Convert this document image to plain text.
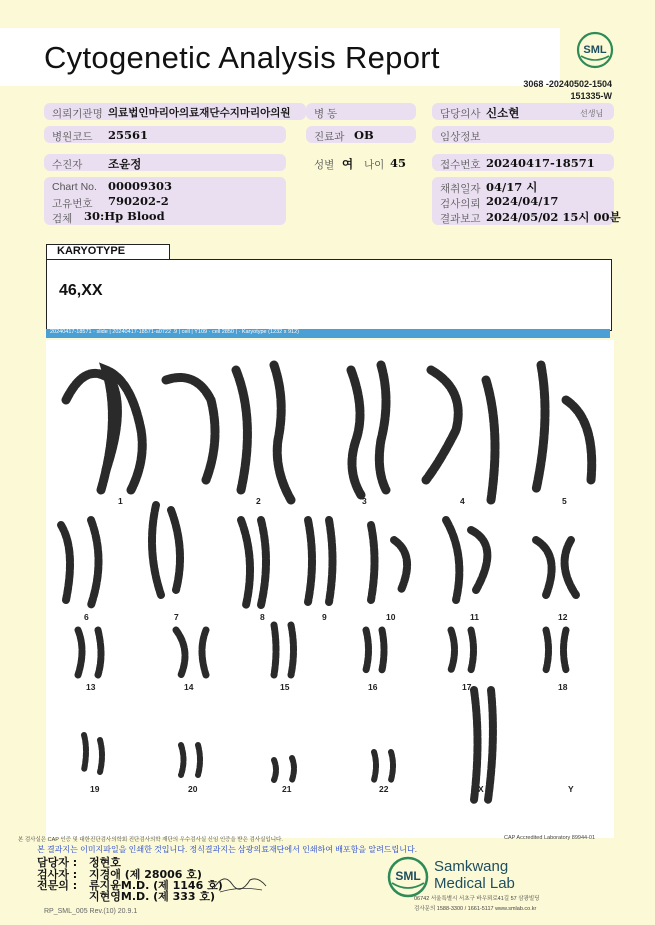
Cytogenetic Analysis Report	SML
3068 -20240502-1504
151335-W
의뢰기관명 의료법인마리아의료재단수지마리아의원 병 동	담당의사 신소현	선생님
병원코드 25561	진료과 OB	임상정보
수진자 조윤정	성별 여 나이 45	접수번호 20240417-18571
Chart No. 00009303
고유번호 790202-2
검체 30:Hp Blood
채취일자 04/17 시
검사의뢰 2024/04/17
결과보고 2024/05/02 15시 00분
KARYOTYPE
46,XX
20240417-18571 · slide | 20240417-18571-a0722 .9 | cell | Y109 · cell 2850 | · Karyotype (1232 x 912)
1	2	3	4	5
6	7	8	9	10	11	12
13	14	15	16	17	18
19	20	21	22	X	Y
본 검사실은 CAP 인증 및 대한진단검사의학회 진단검사의학 재단의 우수검사실 신임 인증을 받은 검사실입니다.	CAP Accredited Laboratory 89944-01
본 결과지는 이미지파일을 인쇄한 것입니다. 정식결과지는 삼광의료재단에서 인쇄하여 배포함을 알려드립니다.
담당자 : 정현호
검사자 : 지경애 (제 28006 호)
전문의 : 류지윤M.D. (제 1146 호)
지현영M.D. (제 333 호)
SML
Samkwang
Medical Lab
06742 서울특별시 서초구 바우뫼로41길 57 삼광빌딩
검사문의 1588-3300 / 1661-5117 www.smlab.co.kr
RP_SML_005 Rev.(10) 20.9.1
